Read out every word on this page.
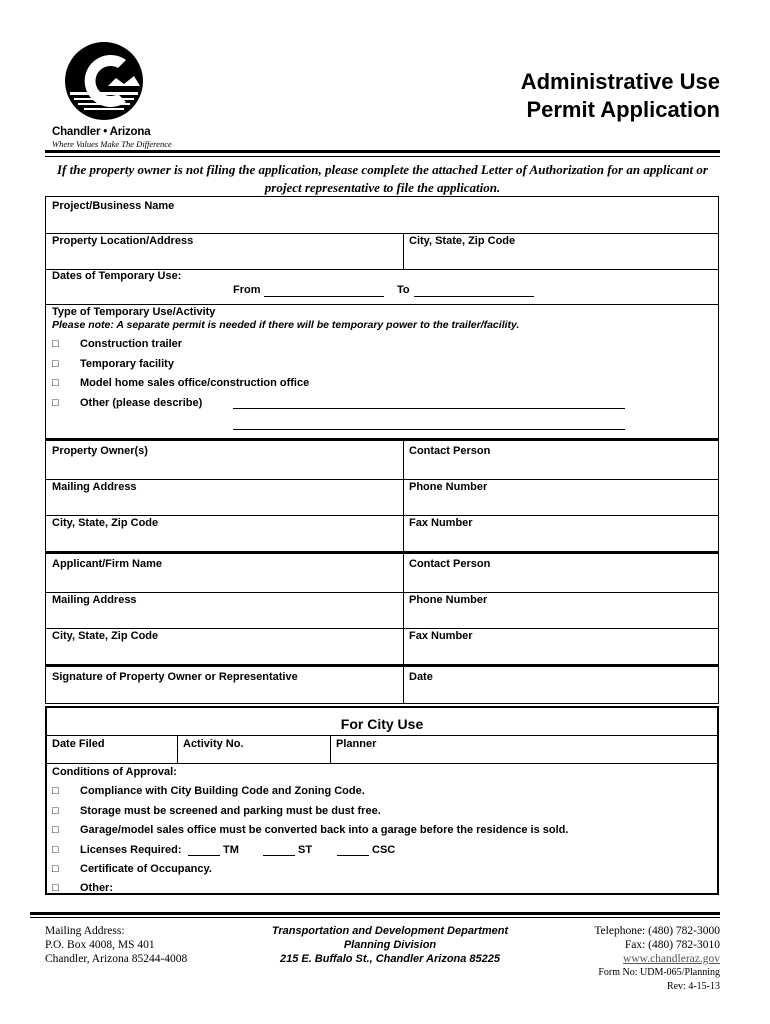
Chandler • Arizona
Where Values Make The Difference
Administrative Use
Permit Application
If the property owner is not filing the application, please complete the attached Letter of Authorization for an applicant or project representative to file the application.
Project/Business Name
Property Location/Address	City, State, Zip Code
Dates of Temporary Use:
From	To
Type of Temporary Use/Activity
Please note: A separate permit is needed if there will be temporary power to the trailer/facility.
□ Construction trailer
□ Temporary facility
□ Model home sales office/construction office
□ Other (please describe)
Property Owner(s)	Contact Person
Mailing Address	Phone Number
City, State, Zip Code	Fax Number
Applicant/Firm Name	Contact Person
Mailing Address	Phone Number
City, State, Zip Code	Fax Number
Signature of Property Owner or Representative	Date
For City Use
Date Filed	Activity No.	Planner
Conditions of Approval:
□ Compliance with City Building Code and Zoning Code.
□ Storage must be screened and parking must be dust free.
□ Garage/model sales office must be converted back into a garage before the residence is sold.
□ Licenses Required:	TM	ST	CSC
□ Certificate of Occupancy.
□ Other:
Mailing Address:
P.O. Box 4008, MS 401
Chandler, Arizona 85244-4008
Transportation and Development Department
Planning Division
215 E. Buffalo St., Chandler Arizona 85225
Telephone: (480) 782-3000
Fax: (480) 782-3010
www.chandleraz.gov
Form No: UDM-065/Planning
Rev: 4-15-13
